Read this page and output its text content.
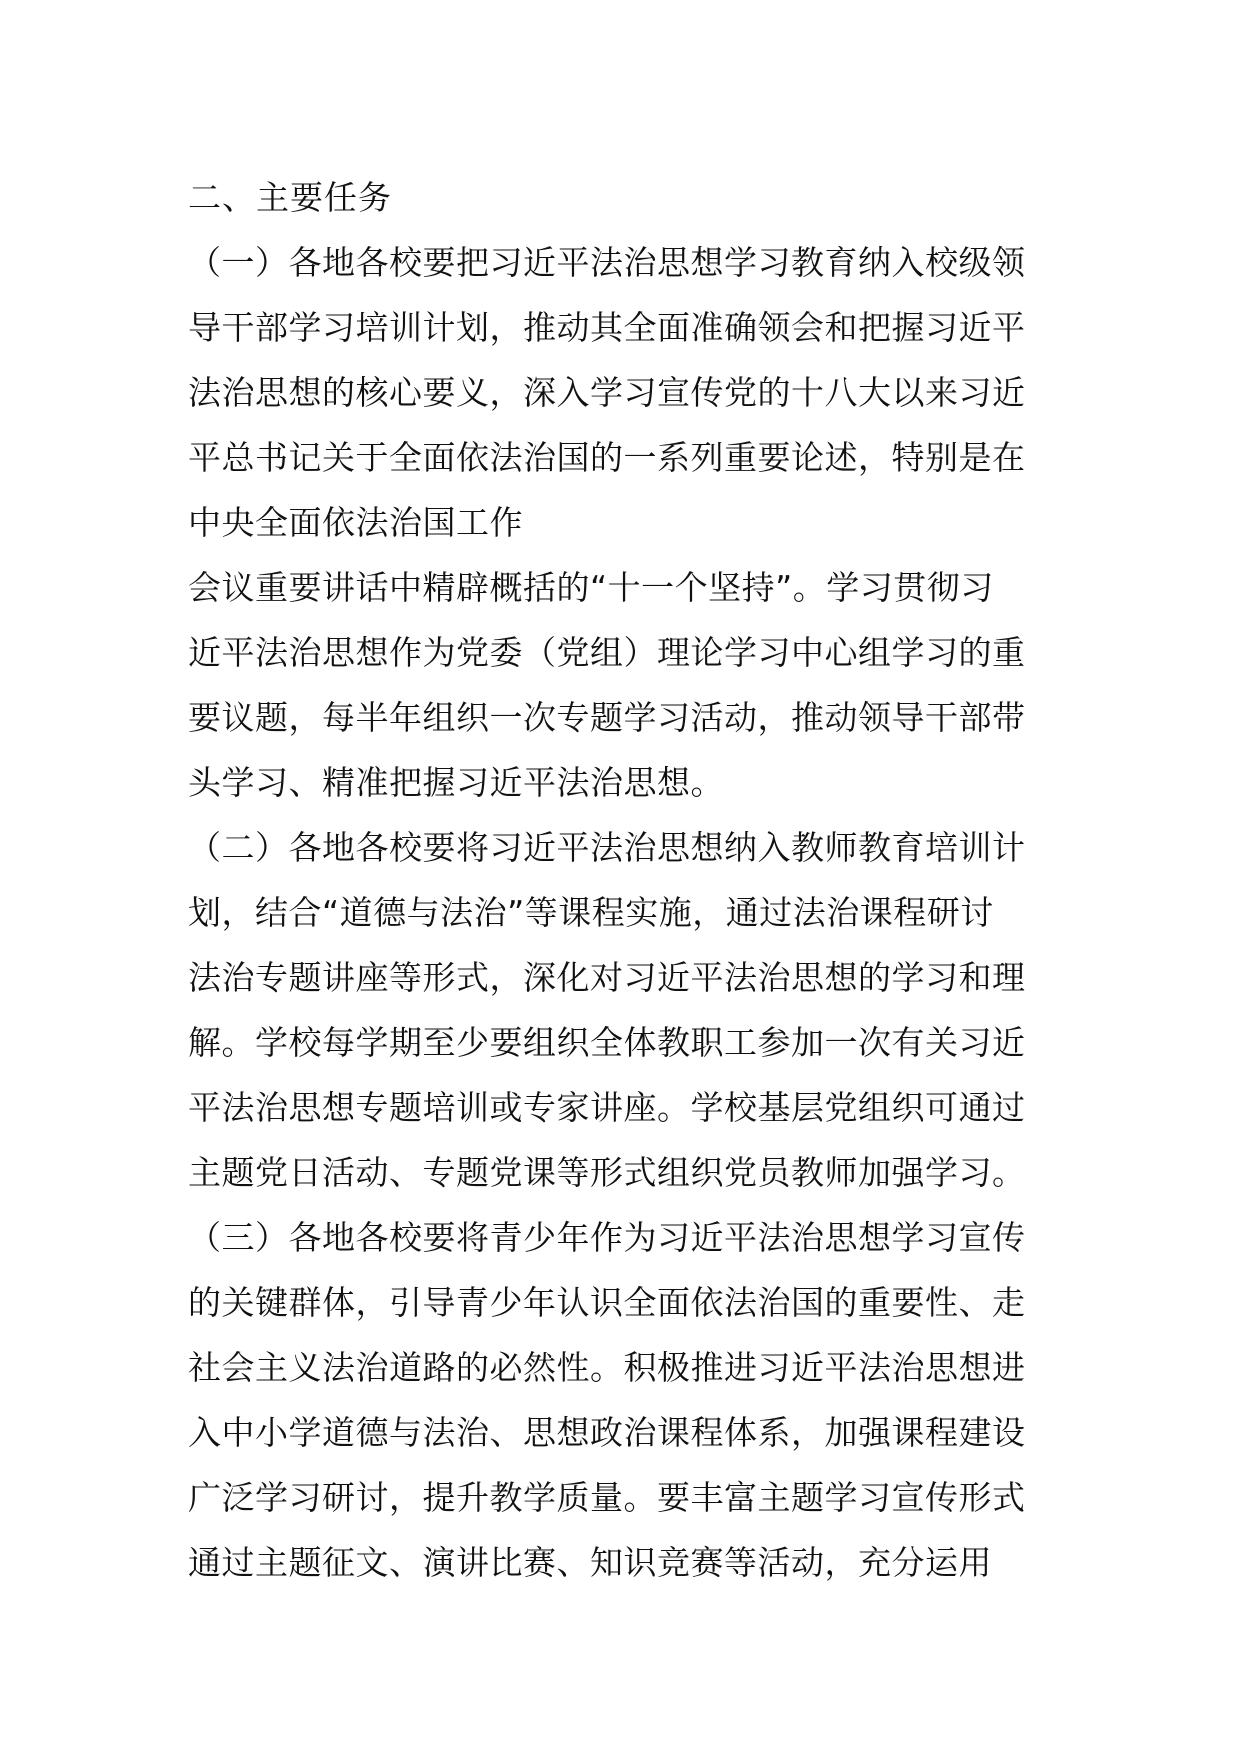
二、主要任务
（一）各地各校要把习近平法治思想学习教育纳入校级领
导干部学习培训计划，推动其全面准确领会和把握习近平
法治思想的核心要义，深入学习宣传党的十八大以来习近
平总书记关于全面依法治国的一系列重要论述，特别是在
中央全面依法治国工作
会议重要讲话中精辟概括的“十一个坚持”。学习贯彻习
近平法治思想作为党委（党组）理论学习中心组学习的重
要议题，每半年组织一次专题学习活动，推动领导干部带
头学习、精准把握习近平法治思想。
（二）各地各校要将习近平法治思想纳入教师教育培训计
划，结合“道德与法治”等课程实施，通过法治课程研讨
法治专题讲座等形式，深化对习近平法治思想的学习和理
解。学校每学期至少要组织全体教职工参加一次有关习近
平法治思想专题培训或专家讲座。学校基层党组织可通过
主题党日活动、专题党课等形式组织党员教师加强学习。
（三）各地各校要将青少年作为习近平法治思想学习宣传
的关键群体，引导青少年认识全面依法治国的重要性、走
社会主义法治道路的必然性。积极推进习近平法治思想进
入中小学道德与法治、思想政治课程体系，加强课程建设
广泛学习研讨，提升教学质量。要丰富主题学习宣传形式
通过主题征文、演讲比赛、知识竞赛等活动，充分运用
